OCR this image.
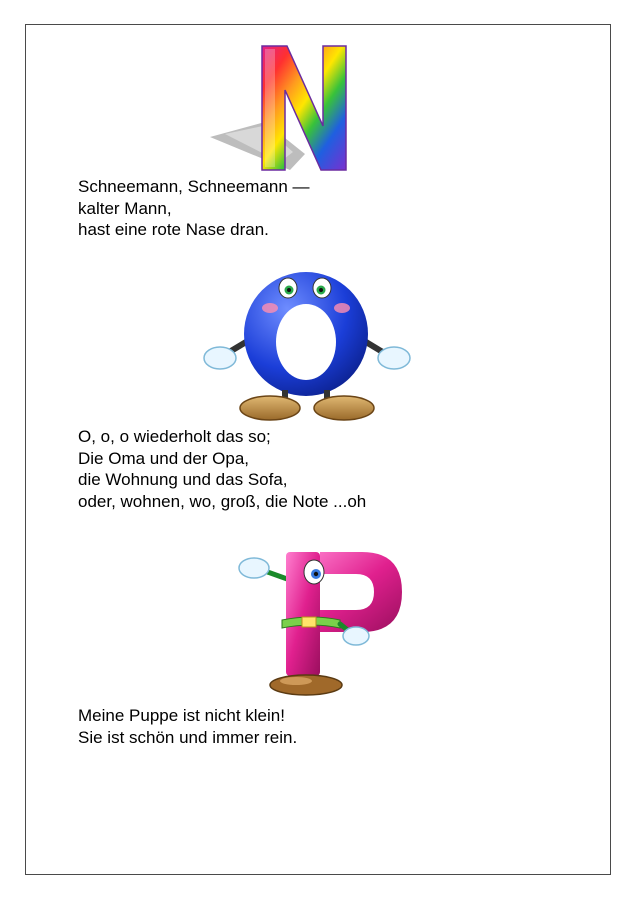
Schneemann, Schneemann —
kalter Mann,
hast eine rote Nase dran.

O, o, o wiederholt das so;
Die Oma und der Opa,
die Wohnung und das Sofa,
oder, wohnen, wo, groß, die Note ...oh

Meine Puppe ist nicht klein!
Sie ist schön und immer rein.
